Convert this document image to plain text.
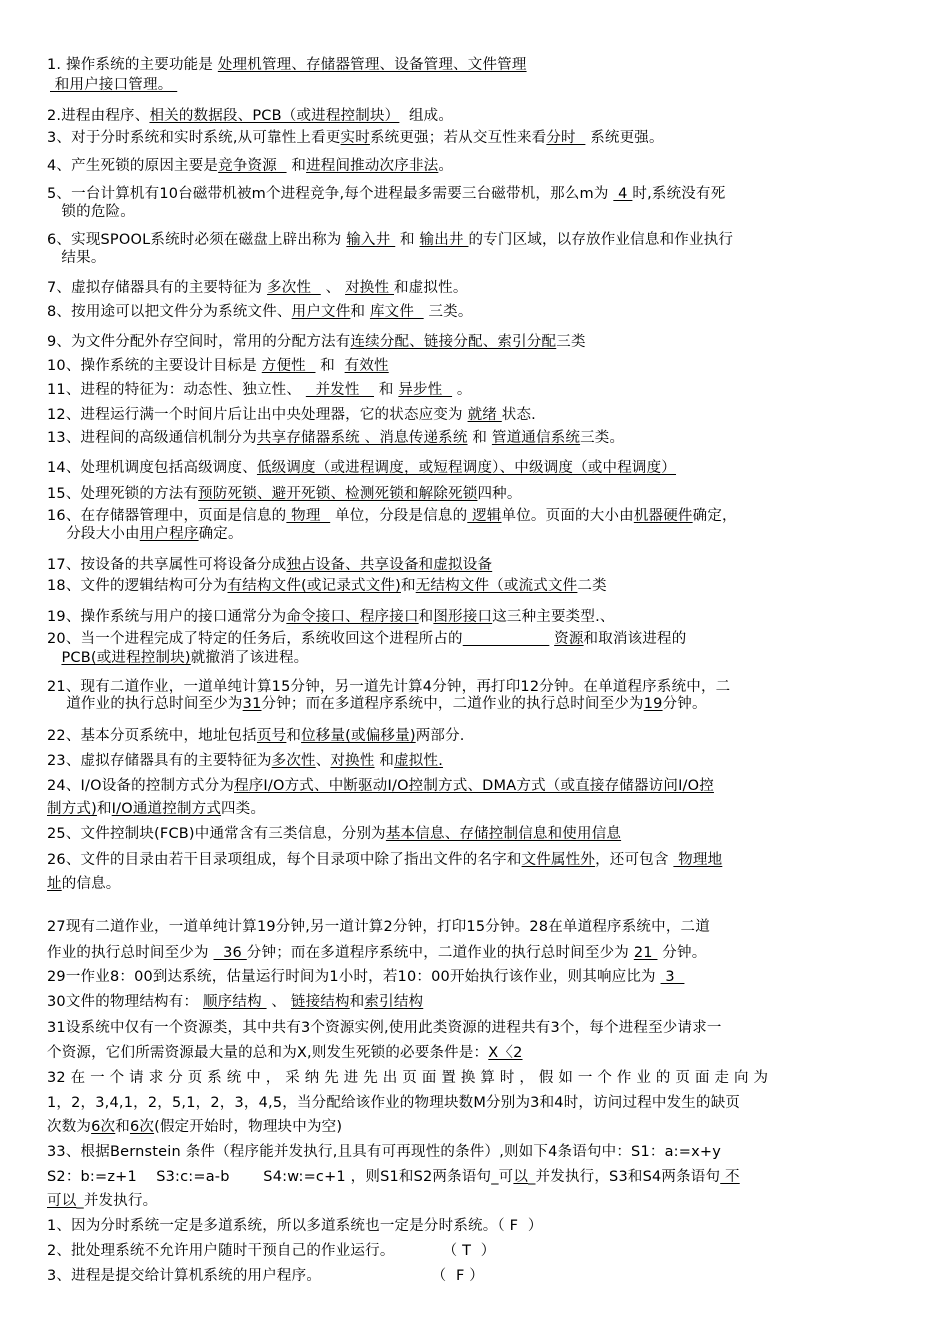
1. 操作系统的主要功能是 处理机管理、存储器管理、设备管理、文件管理
和用户接口管理。
2.进程由程序、相关的数据段、PCB（或进程控制块）  组成。
3、对于分时系统和实时系统,从可靠性上看更实时系统更强；若从交互性来看分时   系统更强。
4、产生死锁的原因主要是竞争资源   和进程间推动次序非法。
5、一台计算机有10台磁带机被m个进程竞争,每个进程最多需要三台磁带机，那么m为  4 时,系统没有死
锁的危险。
6、实现SPOOL系统时必须在磁盘上辟出称为 输入井  和 输出井 的专门区域，以存放作业信息和作业执行
结果。
7、虚拟存储器具有的主要特征为 多次性   、 对换性 和虚拟性。
8、按用途可以把文件分为系统文件、用户文件和 库文件   三类。
9、为文件分配外存空间时，常用的分配方法有连续分配、链接分配、索引分配三类
10、操作系统的主要设计目标是 方便性   和  有效性
11、进程的特征为：动态性、独立性、   并发性    和 异步性   。
12、进程运行满一个时间片后让出中央处理器，它的状态应变为 就绪 状态.
13、进程间的高级通信机制分为共享存储器系统 、消息传递系统 和 管道通信系统三类。
14、处理机调度包括高级调度、低级调度（或进程调度，或短程调度）、中级调度（或中程调度）
15、处理死锁的方法有预防死锁、避开死锁、检测死锁和解除死锁四种。
16、在存储器管理中，页面是信息的 物理   单位，分段是信息的 逻辑单位。页面的大小由机器硬件确定，
分段大小由用户程序确定。
17、按设备的共享属性可将设备分成独占设备、共享设备和虚拟设备
18、文件的逻辑结构可分为有结构文件(或记录式文件)和无结构文件（或流式文件二类
19、操作系统与用户的接口通常分为命令接口、程序接口和图形接口这三种主要类型.、
20、当一个进程完成了特定的任务后，系统收回这个进程所占的	资源和取消该进程的
PCB(或进程控制块)就撤消了该进程。
21、现有二道作业，一道单纯计算15分钟，另一道先计算4分钟，再打印12分钟。在单道程序系统中，二
道作业的执行总时间至少为31分钟；而在多道程序系统中，二道作业的执行总时间至少为19分钟。
22、基本分页系统中，地址包括页号和位移量(或偏移量)两部分.
23、虚拟存储器具有的主要特征为多次性、对换性 和虚拟性.
24、I/O设备的控制方式分为程序I/O方式、中断驱动I/O控制方式、DMA方式（或直接存储器访问I/O控
制方式)和I/O通道控制方式四类。
25、文件控制块(FCB)中通常含有三类信息，分别为基本信息、存储控制信息和使用信息
26、文件的目录由若干目录项组成，每个目录项中除了指出文件的名字和文件属性外，还可包含  物理地
址的信息。
27现有二道作业，一道单纯计算19分钟,另一道计算2分钟，打印15分钟。28在单道程序系统中，二道
作业的执行总时间至少为   36 分钟；而在多道程序系统中，二道作业的执行总时间至少为 21  分钟。
29一作业8：00到达系统，估量运行时间为1小时，若10：00开始执行该作业，则其响应比为  3
30文件的物理结构有： 顺序结构  、 链接结构和索引结构
31设系统中仅有一个资源类，其中共有3个资源实例,使用此类资源的进程共有3个，每个进程至少请求一
个资源，它们所需资源最大量的总和为X,则发生死锁的必要条件是：X〈2
32 在 一 个 请 求 分 页 系 统 中 ， 采 纳 先 进 先 出 页 面 置 换 算 时 ， 假 如 一 个 作 业 的 页 面 走 向 为
1，2，3,4,1，2，5,1，2，3，4,5，当分配给该作业的物理块数M分别为3和4时，访问过程中发生的缺页
次数为6次和6次(假定开始时，物理块中为空)
33、根据Bernstein 条件（程序能并发执行,且具有可再现性的条件）,则如下4条语句中：S1：a:=x+y
S2：b:=z+1    S3:c:=a-b       S4:w:=c+1 ，则S1和S2两条语句_可以_并发执行，S3和S4两条语句 不
可以_并发执行。
1、因为分时系统一定是多道系统，所以多道系统也一定是分时系统。（ F  ）
2、批处理系统不允许用户随时干预自己的作业运行。          （ T  ）
3、进程是提交给计算机系统的用户程序。                       （  F ）
